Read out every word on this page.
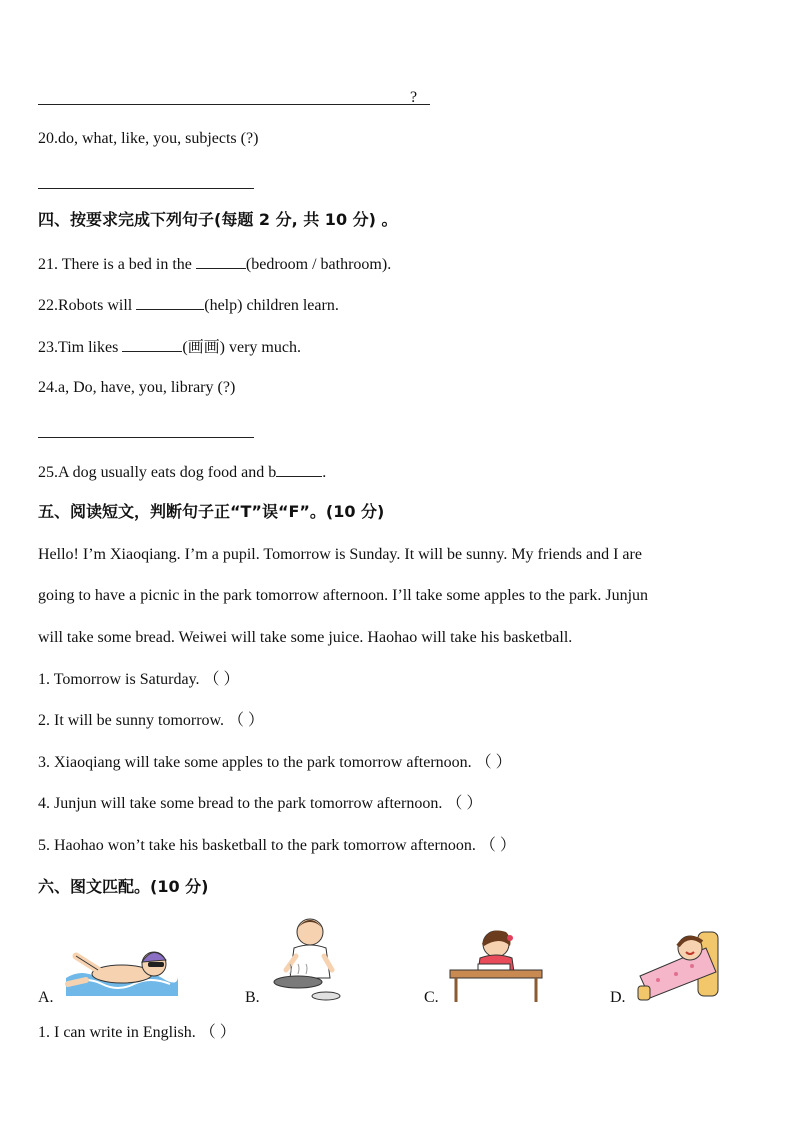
?
20.do, what, like, you, subjects (?)
四、按要求完成下列句子(每题 2 分, 共 10 分) 。
21. There is a bed in the	(bedroom / bathroom).
22.Robots will	(help) children learn.
23.Tim likes	(画画) very much.
24.a, Do, have, you, library (?)
25.A dog usually eats dog food and b	.
五、阅读短文，判断句子正“T”误“F”。(10 分)
Hello! I’m Xiaoqiang. I’m a pupil. Tomorrow is Sunday. It will be sunny. My friends and I are
going to have a picnic in the park tomorrow afternoon. I’ll take some apples to the park. Junjun
will take some bread. Weiwei will take some juice. Haohao will take his basketball.
1. Tomorrow is Saturday. （ ）
2. It will be sunny tomorrow. （ ）
3. Xiaoqiang will take some apples to the park tomorrow afternoon. （ ）
4. Junjun will take some bread to the park tomorrow afternoon. （ ）
5. Haohao won’t take his basketball to the park tomorrow afternoon. （ ）
六、图文匹配。(10 分)
A.	B.	C.	D.
1. I can write in English. （ ）
